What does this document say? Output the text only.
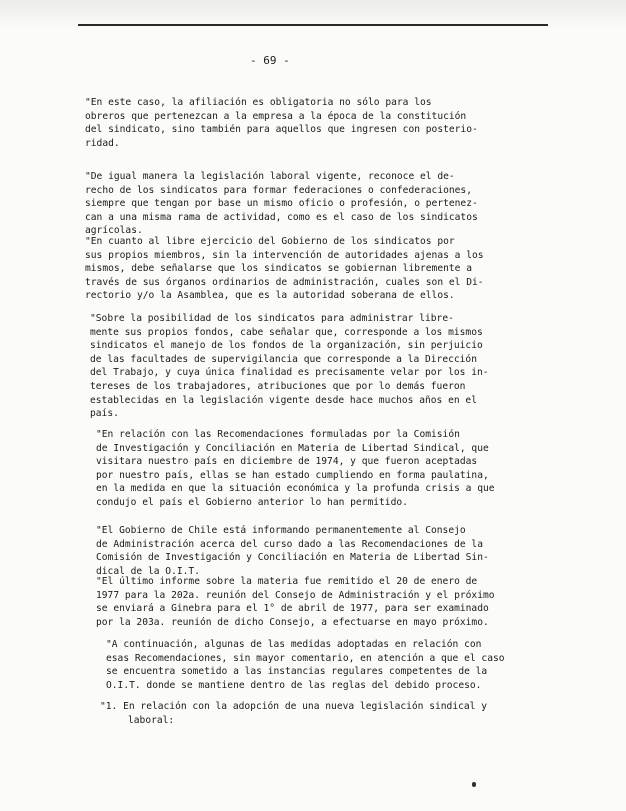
- 69 -
"En este caso, la afiliación es obligatoria no sólo para los
obreros que pertenezcan a la empresa a la época de la constitución
del sindicato, sino también para aquellos que ingresen con posterio-
ridad.
"De igual manera la legislación laboral vigente, reconoce el de-
recho de los sindicatos para formar federaciones o confederaciones,
siempre que tengan por base un mismo oficio o profesión, o pertenez-
can a una misma rama de actividad, como es el caso de los sindicatos
agrícolas.
"En cuanto al libre ejercicio del Gobierno de los sindicatos por
sus propios miembros, sin la intervención de autoridades ajenas a los
mismos, debe señalarse que los sindicatos se gobiernan libremente a
través de sus órganos ordinarios de administración, cuales son el Di-
rectorio y/o la Asamblea, que es la autoridad soberana de ellos.
"Sobre la posibilidad de los sindicatos para administrar libre-
mente sus propios fondos, cabe señalar que, corresponde a los mismos
sindicatos el manejo de los fondos de la organización, sin perjuicio
de las facultades de supervigilancia que corresponde a la Dirección
del Trabajo, y cuya única finalidad es precisamente velar por los in-
tereses de los trabajadores, atribuciones que por lo demás fueron
establecidas en la legislación vigente desde hace muchos años en el
país.
"En relación con las Recomendaciones formuladas por la Comisión
de Investigación y Conciliación en Materia de Libertad Sindical, que
visitara nuestro país en diciembre de 1974, y que fueron aceptadas
por nuestro país, ellas se han estado cumpliendo en forma paulatina,
en la medida en que la situación económica y la profunda crisis a que
condujo el país el Gobierno anterior lo han permitido.
"El Gobierno de Chile está informando permanentemente al Consejo
de Administración acerca del curso dado a las Recomendaciones de la
Comisión de Investigación y Conciliación en Materia de Libertad Sin-
dical de la O.I.T.
"El último informe sobre la materia fue remitido el 20 de enero de
1977 para la 202a. reunión del Consejo de Administración y el próximo
se enviará a Ginebra para el 1° de abril de 1977, para ser examinado
por la 203a. reunión de dicho Consejo, a efectuarse en mayo próximo.
"A continuación, algunas de las medidas adoptadas en relación con
esas Recomendaciones, sin mayor comentario, en atención a que el caso
se encuentra sometido a las instancias regulares competentes de la
O.I.T. donde se mantiene dentro de las reglas del debido proceso.
"1. En relación con la adopción de una nueva legislación sindical y
laboral:
